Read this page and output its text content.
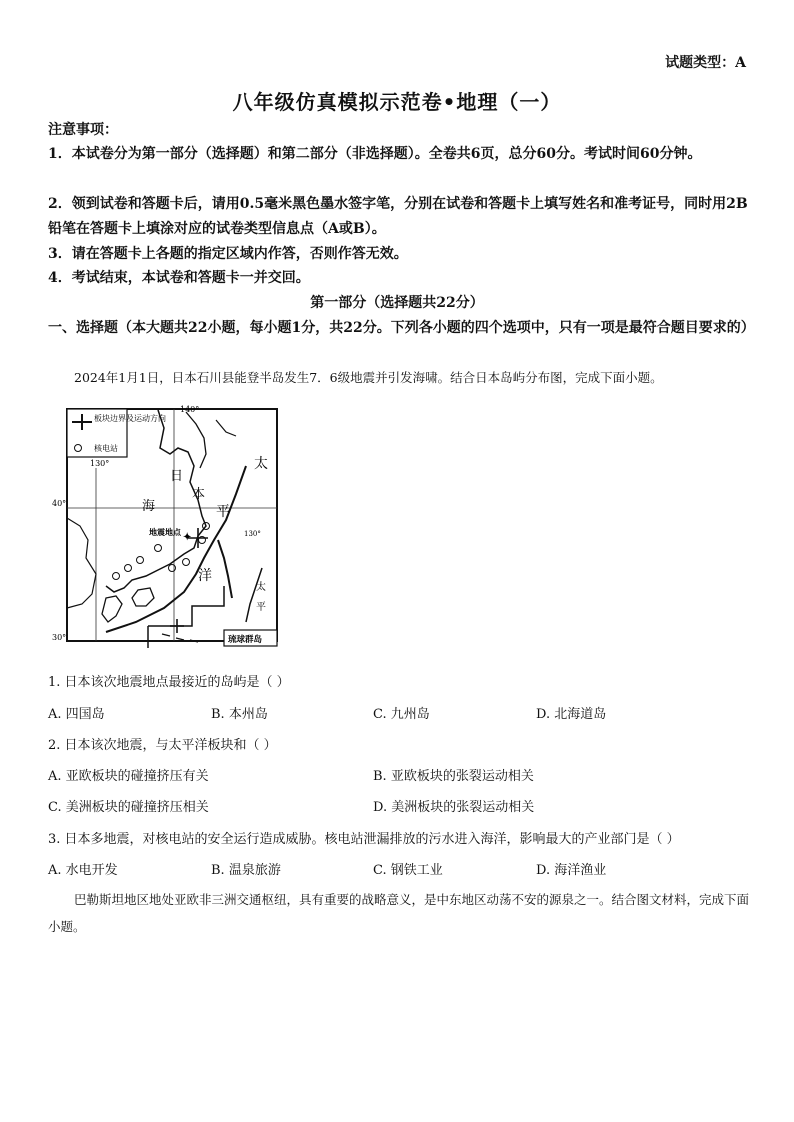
试题类型：A
八年级仿真模拟示范卷•地理（一）
注意事项：
1．本试卷分为第一部分（选择题）和第二部分（非选择题）。全卷共6页，总分60分。考试时间60分钟。
2．领到试卷和答题卡后，请用0.5毫米黑色墨水签字笔，分别在试卷和答题卡上填写姓名和准考证号，同时用2B铅笔在答题卡上填涂对应的试卷类型信息点（A或B）。
3．请在答题卡上各题的指定区域内作答，否则作答无效。
4．考试结束，本试卷和答题卡一并交回。
第一部分（选择题共22分）
一、选择题（本大题共22小题，每小题1分，共22分。下列各小题的四个选项中，只有一项是最符合题目要求的）
2024年1月1日，日本石川县能登半岛发生7．6级地震并引发海啸。结合日本岛屿分布图，完成下面小题。
板块边界及运动方向
核电站
140°
130°
40°
30°
130°
地震地点 ✦
日
本
海
太
平
洋
太
平
琉球群岛
1. 日本该次地震地点最接近的岛屿是（ ）
A. 四国岛	B. 本州岛	C. 九州岛	D. 北海道岛
2. 日本该次地震，与太平洋板块和（ ）
A. 亚欧板块的碰撞挤压有关	B. 亚欧板块的张裂运动相关
C. 美洲板块的碰撞挤压相关	D. 美洲板块的张裂运动相关
3. 日本多地震，对核电站的安全运行造成威胁。核电站泄漏排放的污水进入海洋，影响最大的产业部门是（ ）
A. 水电开发	B. 温泉旅游	C. 钢铁工业	D. 海洋渔业
巴勒斯坦地区地处亚欧非三洲交通枢纽，具有重要的战略意义，是中东地区动荡不安的源泉之一。结合图文材料，完成下面小题。
